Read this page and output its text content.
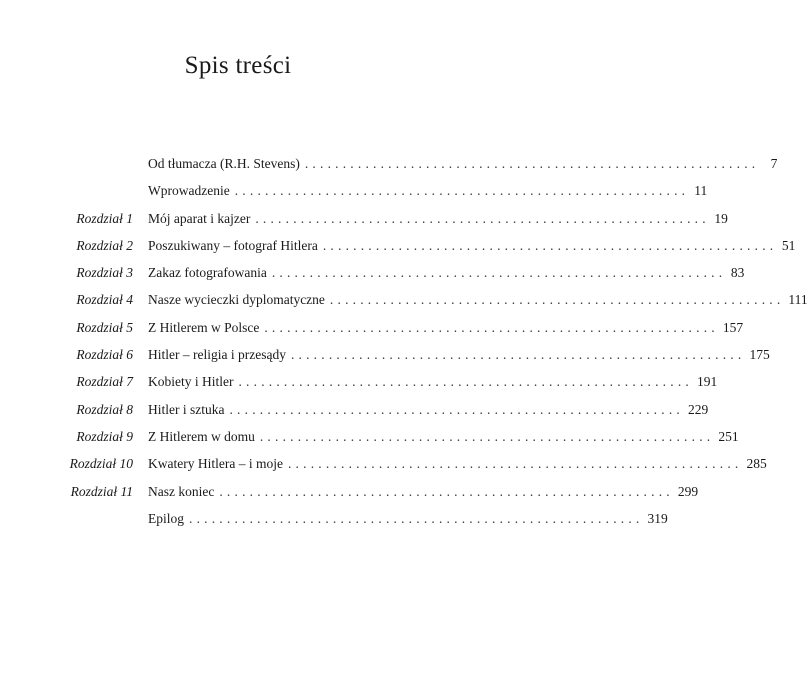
Spis treści
Od tłumacza (R.H. Stevens) ............................................................ 7
Wprowadzenie ............................................................ 11
Rozdział 1 Mój aparat i kajzer ............................................................ 19
Rozdział 2 Poszukiwany – fotograf Hitlera ............................................................ 51
Rozdział 3 Zakaz fotografowania ............................................................ 83
Rozdział 4 Nasze wycieczki dyplomatyczne ............................................................ 111
Rozdział 5 Z Hitlerem w Polsce ............................................................ 157
Rozdział 6 Hitler – religia i przesądy ............................................................ 175
Rozdział 7 Kobiety i Hitler ............................................................ 191
Rozdział 8 Hitler i sztuka ............................................................ 229
Rozdział 9 Z Hitlerem w domu ............................................................ 251
Rozdział 10 Kwatery Hitlera – i moje ............................................................ 285
Rozdział 11 Nasz koniec ............................................................ 299
Epilog ............................................................ 319
